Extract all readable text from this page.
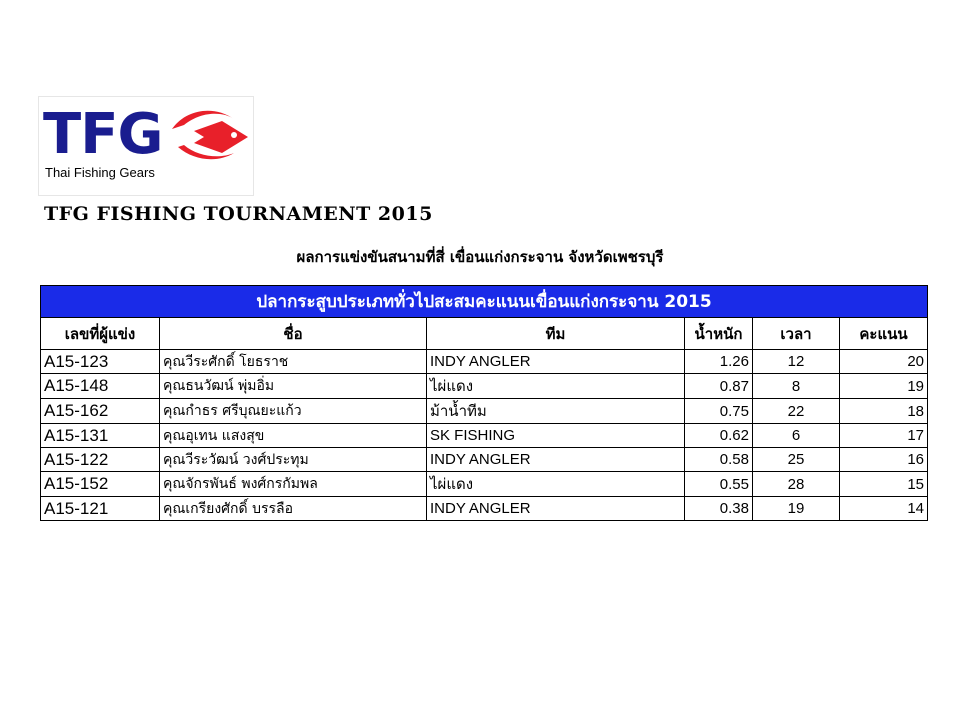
TFG
Thai Fishing Gears
TFG FISHING TOURNAMENT 2015
ผลการแข่งขันสนามที่สี่ เขื่อนแก่งกระจาน จังหวัดเพชรบุรี
ปลากระสูบประเภททั่วไปสะสมคะแนนเขื่อนแก่งกระจาน 2015					
เลขที่ผู้แข่ง	ชื่อ	ทีม	น้ำหนัก	เวลา	คะแนน
A15-123	คุณวีระศักดิ์ โยธราช	INDY ANGLER	1.26	12	20
A15-148	คุณธนวัฒน์ พุ่มอิ่ม	ไผ่แดง	0.87	8	19
A15-162	คุณกำธร ศรีบุณยะแก้ว	ม้าน้ำทีม	0.75	22	18
A15-131	คุณอุเทน แสงสุข	SK FISHING	0.62	6	17
A15-122	คุณวีระวัฒน์ วงศ์ประทุม	INDY ANGLER	0.58	25	16
A15-152	คุณจักรพันธ์ พงศ์กรกัมพล	ไผ่แดง	0.55	28	15
A15-121	คุณเกรียงศักดิ์ บรรลือ	INDY ANGLER	0.38	19	14
